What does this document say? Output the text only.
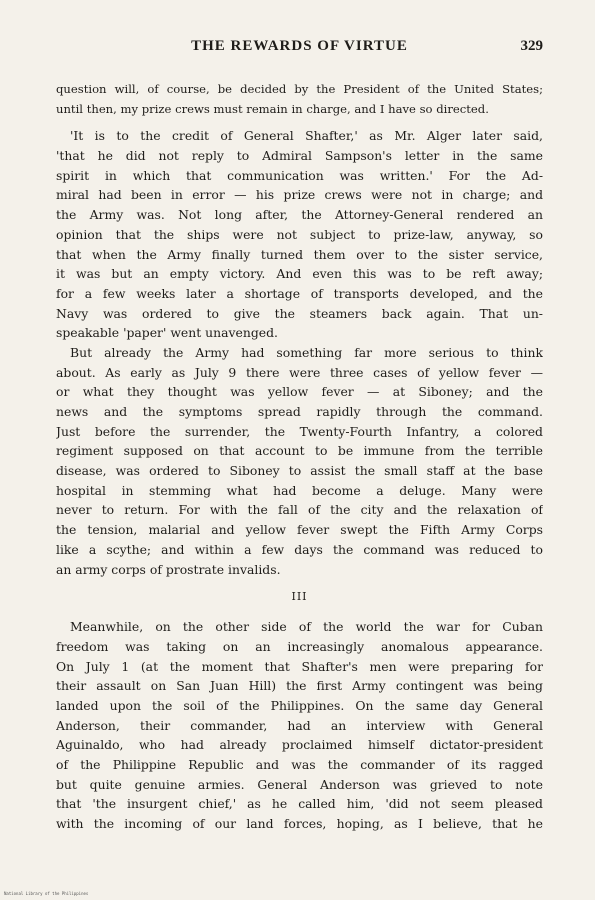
THE REWARDS OF VIRTUE	329
question will, of course, be decided by the President of the United States;
until then, my prize crews must remain in charge, and I have so directed.
'It is to the credit of General Shafter,' as Mr. Alger later said,
'that he did not reply to Admiral Sampson's letter in the same
spirit in which that communication was written.' For the Ad-
miral had been in error — his prize crews were not in charge; and
the Army was. Not long after, the Attorney-General rendered an
opinion that the ships were not subject to prize-law, anyway, so
that when the Army finally turned them over to the sister service,
it was but an empty victory. And even this was to be reft away;
for a few weeks later a shortage of transports developed, and the
Navy was ordered to give the steamers back again. That un-
speakable 'paper' went unavenged.
But already the Army had something far more serious to think
about. As early as July 9 there were three cases of yellow fever —
or what they thought was yellow fever — at Siboney; and the
news and the symptoms spread rapidly through the command.
Just before the surrender, the Twenty-Fourth Infantry, a colored
regiment supposed on that account to be immune from the terrible
disease, was ordered to Siboney to assist the small staff at the base
hospital in stemming what had become a deluge. Many were
never to return. For with the fall of the city and the relaxation of
the tension, malarial and yellow fever swept the Fifth Army Corps
like a scythe; and within a few days the command was reduced to
an army corps of prostrate invalids.
III
Meanwhile, on the other side of the world the war for Cuban
freedom was taking on an increasingly anomalous appearance.
On July 1 (at the moment that Shafter's men were preparing for
their assault on San Juan Hill) the first Army contingent was being
landed upon the soil of the Philippines. On the same day General
Anderson, their commander, had an interview with General
Aguinaldo, who had already proclaimed himself dictator-president
of the Philippine Republic and was the commander of its ragged
but quite genuine armies. General Anderson was grieved to note
that 'the insurgent chief,' as he called him, 'did not seem pleased
with the incoming of our land forces, hoping, as I believe, that he
National Library of the Philippines
